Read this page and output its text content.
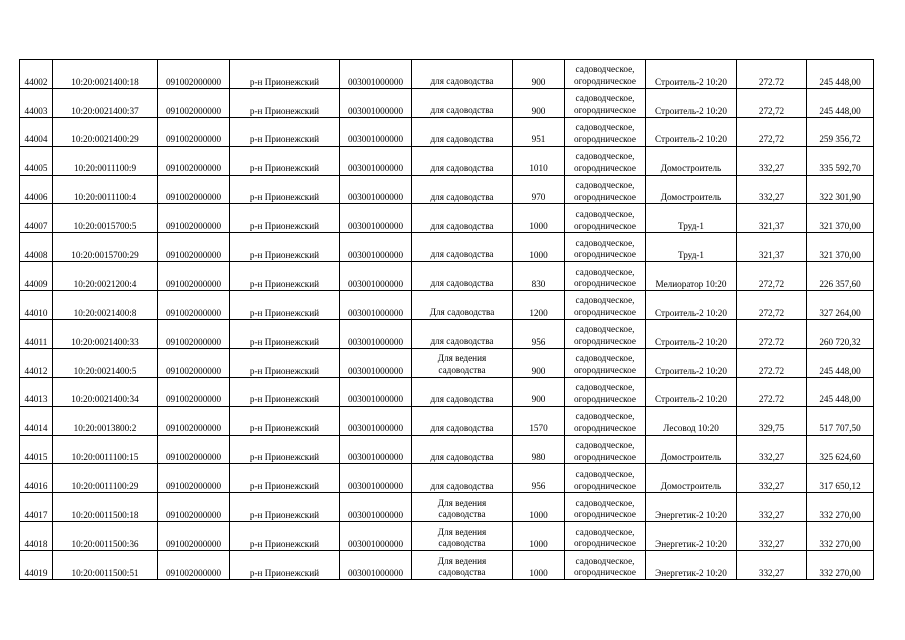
44002	10:20:0021400:18	091002000000	р-н Прионежский	003001000000	для садоводства	900	садоводческое, огородническое	Строитель-2 10:20	272.72	245 448,00
44003	10:20:0021400:37	091002000000	р-н Прионежский	003001000000	для садоводства	900	садоводческое, огородническое	Строитель-2 10:20	272,72	245 448,00
44004	10:20:0021400:29	091002000000	р-н Прионежский	003001000000	для садоводства	951	садоводческое, огородническое	Строитель-2 10:20	272,72	259 356,72
44005	10:20:0011100:9	091002000000	р-н Прионежский	003001000000	для садоводства	1010	садоводческое, огородническое	Домостроитель	332,27	335 592,70
44006	10:20:0011100:4	091002000000	р-н Прионежский	003001000000	для садоводства	970	садоводческое, огородническое	Домостроитель	332,27	322 301,90
44007	10:20:0015700:5	091002000000	р-н Прионежский	003001000000	для садоводства	1000	садоводческое, огородническое	Труд-1	321,37	321 370,00
44008	10:20:0015700:29	091002000000	р-н Прионежский	003001000000	для садоводства	1000	садоводческое, огородническое	Труд-1	321,37	321 370,00
44009	10:20:0021200:4	091002000000	р-н Прионежский	003001000000	для садоводства	830	садоводческое, огородническое	Мелиоратор 10:20	272,72	226 357,60
44010	10:20:0021400:8	091002000000	р-н Прионежский	003001000000	Для садоводства	1200	садоводческое, огородническое	Строитель-2 10:20	272,72	327 264,00
44011	10:20:0021400:33	091002000000	р-н Прионежский	003001000000	для садоводства	956	садоводческое, огородническое	Строитель-2 10:20	272.72	260 720,32
44012	10:20:0021400:5	091002000000	р-н Прионежский	003001000000	Для ведения садоводства	900	садоводческое, огородническое	Строитель-2 10:20	272.72	245 448,00
44013	10:20:0021400:34	091002000000	р-н Прионежский	003001000000	для садоводства	900	садоводческое, огородническое	Строитель-2 10:20	272.72	245 448,00
44014	10:20:0013800:2	091002000000	р-н Прионежский	003001000000	для садоводства	1570	садоводческое, огородническое	Лесовод 10:20	329,75	517 707,50
44015	10:20:0011100:15	091002000000	р-н Прионежский	003001000000	для садоводства	980	садоводческое, огородническое	Домостроитель	332,27	325 624,60
44016	10:20:0011100:29	091002000000	р-н Прионежский	003001000000	для садоводства	956	садоводческое, огородническое	Домостроитель	332,27	317 650,12
44017	10:20:0011500:18	091002000000	р-н Прионежский	003001000000	Для ведения садоводства	1000	садоводческое, огородническое	Энергетик-2 10:20	332,27	332 270,00
44018	10:20:0011500:36	091002000000	р-н Прионежский	003001000000	Для ведения садоводства	1000	садоводческое, огородническое	Энергетик-2 10:20	332,27	332 270,00
44019	10:20:0011500:51	091002000000	р-н Прионежский	003001000000	Для ведения садоводства	1000	садоводческое, огородническое	Энергетик-2 10:20	332,27	332 270,00
